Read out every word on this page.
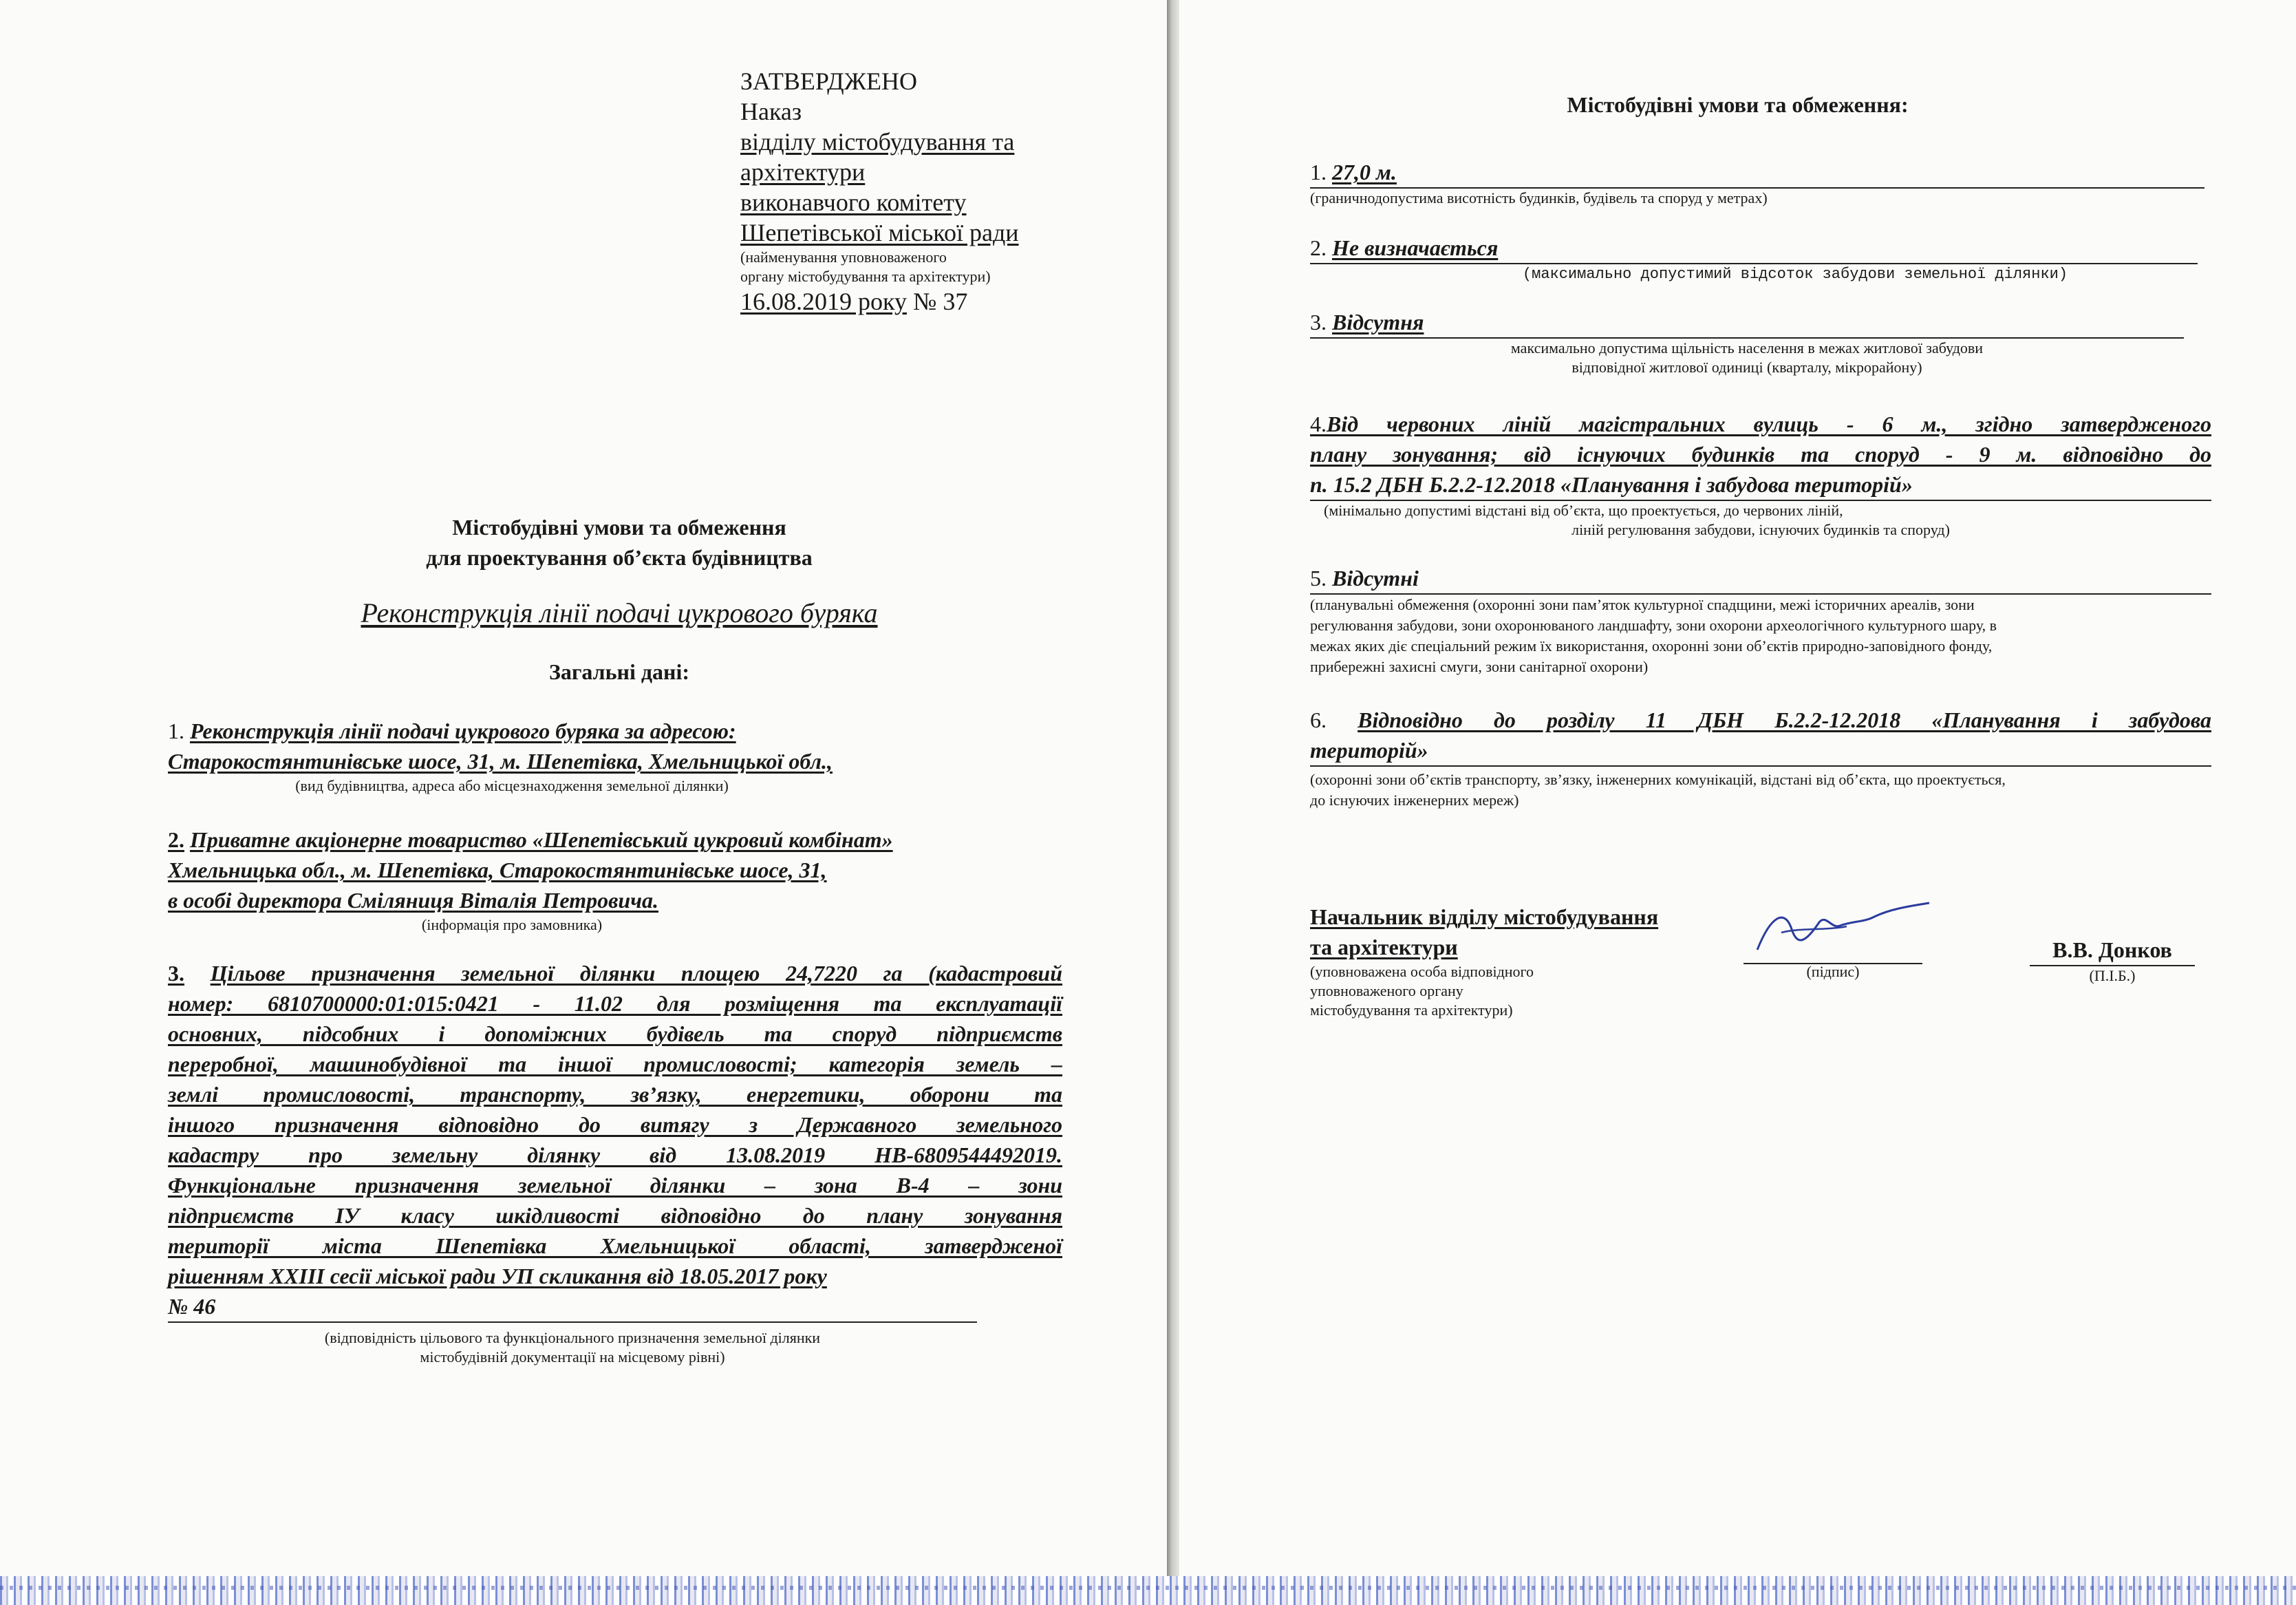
ЗАТВЕРДЖЕНО
Наказ
відділу містобудування та
архітектури
виконавчого комітету
Шепетівської міської ради
(найменування уповноваженого
органу містобудування та архітектури)
16.08.2019 року № 37
Містобудівні умови та обмеження
для проектування об’єкта будівництва
Реконструкція лінії подачі цукрового буряка
Загальні дані:
1. Реконструкція лінії подачі цукрового буряка за адресою:
Старокостянтинівське шосе, 31, м. Шепетівка, Хмельницької обл.,
(вид будівництва, адреса або місцезнаходження земельної ділянки)
2. Приватне акціонерне товариство «Шепетівський цукровий комбінат»
Хмельницька обл., м. Шепетівка, Старокостянтинівське шосе, 31,
в особі директора Сміляниця Віталія Петровича.
(інформація про замовника)
3. Цільове призначення земельної ділянки площею 24,7220 га (кадастровий
номер: 6810700000:01:015:0421 - 11.02 для розміщення та експлуатації
основних, підсобних і допоміжних будівель та споруд підприємств
переробної, машинобудівної та іншої промисловості; категорія земель –
землі промисловості, транспорту, зв’язку, енергетики, оборони та
іншого призначення відповідно до витягу з Державного земельного
кадастру про земельну ділянку від 13.08.2019 НВ-6809544492019.
Функціональне призначення земельної ділянки – зона В-4 – зони
підприємств ІУ класу шкідливості відповідно до плану зонування
території міста Шепетівка Хмельницької області, затвердженої
рішенням XXIII сесії міської ради УП скликання від 18.05.2017 року
№ 46
(відповідність цільового та функціонального призначення земельної ділянки
містобудівній документації на місцевому рівні)
Містобудівні умови та обмеження:
1. 27,0 м.
(граничнодопустима висотність будинків, будівель та споруд у метрах)
2. Не визначається
(максимально допустимий відсоток забудови земельної ділянки)
3. Відсутня
максимально допустима щільність населення в межах житлової забудови
відповідної житлової одиниці (кварталу, мікрорайону)
4.Від червоних ліній магістральних вулиць - 6 м., згідно затвердженого
плану зонування; від існуючих будинків та споруд - 9 м. відповідно до
п. 15.2 ДБН Б.2.2-12.2018 «Планування і забудова територій»
(мінімально допустимі відстані від об’єкта, що проектується, до червоних ліній,
ліній регулювання забудови, існуючих будинків та споруд)
5. Відсутні
(планувальні обмеження (охоронні зони пам’яток культурної спадщини, межі історичних ареалів, зони
регулювання забудови, зони охоронюваного ландшафту, зони охорони археологічного культурного шару, в
межах яких діє спеціальний режим їх використання, охоронні зони об’єктів природно-заповідного фонду,
прибережні захисні смуги, зони санітарної охорони)
6. Відповідно до розділу 11 ДБН Б.2.2-12.2018 «Планування і забудова
територій»
(охоронні зони об’єктів транспорту, зв’язку, інженерних комунікацій, відстані від об’єкта, що проектується,
до існуючих інженерних мереж)
Начальник відділу містобудування
та архітектури
(уповноважена особа відповідного
уповноваженого органу
містобудування та архітектури)
(підпис)
В.В. Донков
(П.І.Б.)
